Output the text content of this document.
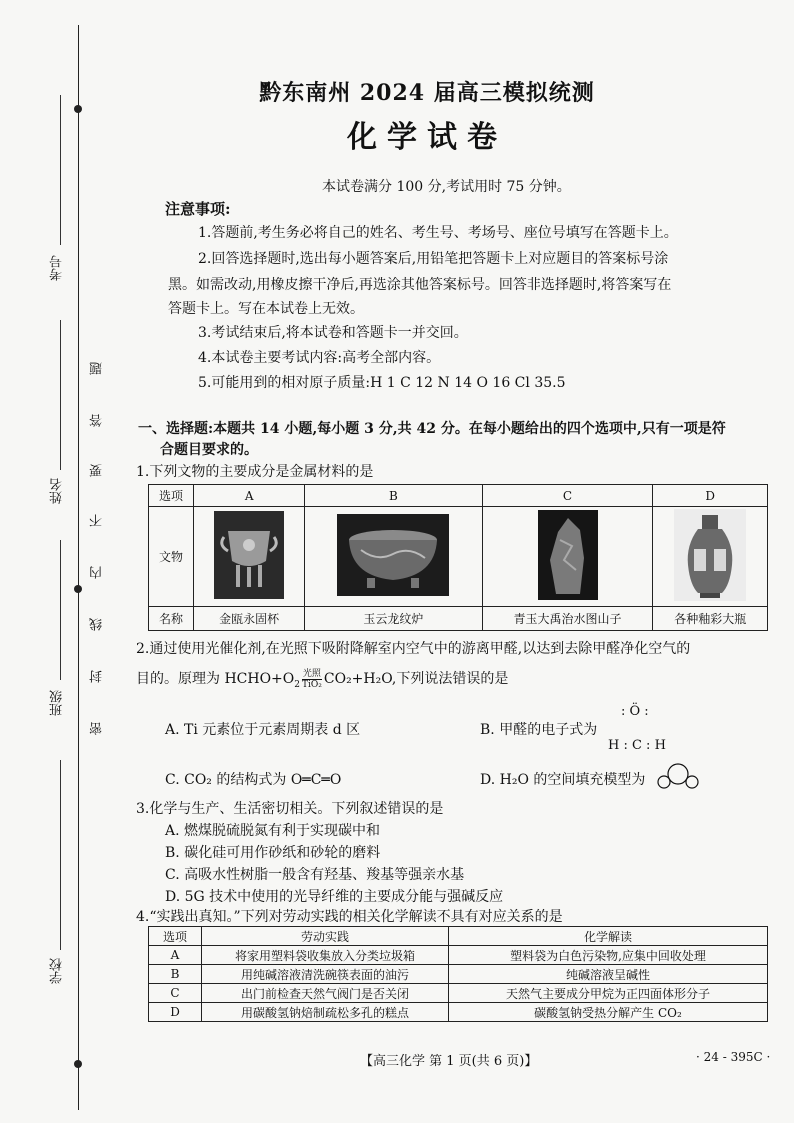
考号
姓名
班级
学校
题
答
要
不
内
线
封
密
黔东南州 2024 届高三模拟统测
化学试卷
本试卷满分 100 分,考试用时 75 分钟。
注意事项:
1.答题前,考生务必将自己的姓名、考生号、考场号、座位号填写在答题卡上。
2.回答选择题时,选出每小题答案后,用铅笔把答题卡上对应题目的答案标号涂
黑。如需改动,用橡皮擦干净后,再选涂其他答案标号。回答非选择题时,将答案写在
答题卡上。写在本试卷上无效。
3.考试结束后,将本试卷和答题卡一并交回。
4.本试卷主要考试内容:高考全部内容。
5.可能用到的相对原子质量:H 1 C 12 N 14 O 16 Cl 35.5
一、选择题:本题共 14 小题,每小题 3 分,共 42 分。在每小题给出的四个选项中,只有一项是符
合题目要求的。
1.下列文物的主要成分是金属材料的是
选项	A	B	C	D
文物				
名称	金瓯永固杯	玉云龙纹炉	青玉大禹治水图山子	各种釉彩大瓶
2.通过使用光催化剂,在光照下吸附降解室内空气中的游离甲醛,以达到去除甲醛净化空气的
目的。原理为 $HCHO+O_2$光照

TiO₂ CO₂+H₂O,下列说法错误的是
A. Ti 元素位于元素周期表 d 区	B. 甲醛的电子式为
: Ö :
H : C : H
C. CO₂ 的结构式为 O═C═O	D. H₂O 的空间填充模型为
3.化学与生产、生活密切相关。下列叙述错误的是
A. 燃煤脱硫脱氮有利于实现碳中和
B. 碳化硅可用作砂纸和砂轮的磨料
C. 高吸水性树脂一般含有羟基、羧基等强亲水基
D. 5G 技术中使用的光导纤维的主要成分能与强碱反应
4.“实践出真知。”下列对劳动实践的相关化学解读不具有对应关系的是
选项	劳动实践	化学解读
A	将家用塑料袋收集放入分类垃圾箱	塑料袋为白色污染物,应集中回收处理
B	用纯碱溶液清洗碗筷表面的油污	纯碱溶液呈碱性
C	出门前检查天然气阀门是否关闭	天然气主要成分甲烷为正四面体形分子
D	用碳酸氢钠焙制疏松多孔的糕点	碳酸氢钠受热分解产生 CO₂
【高三化学 第 1 页(共 6 页)】	· 24 - 395C ·
